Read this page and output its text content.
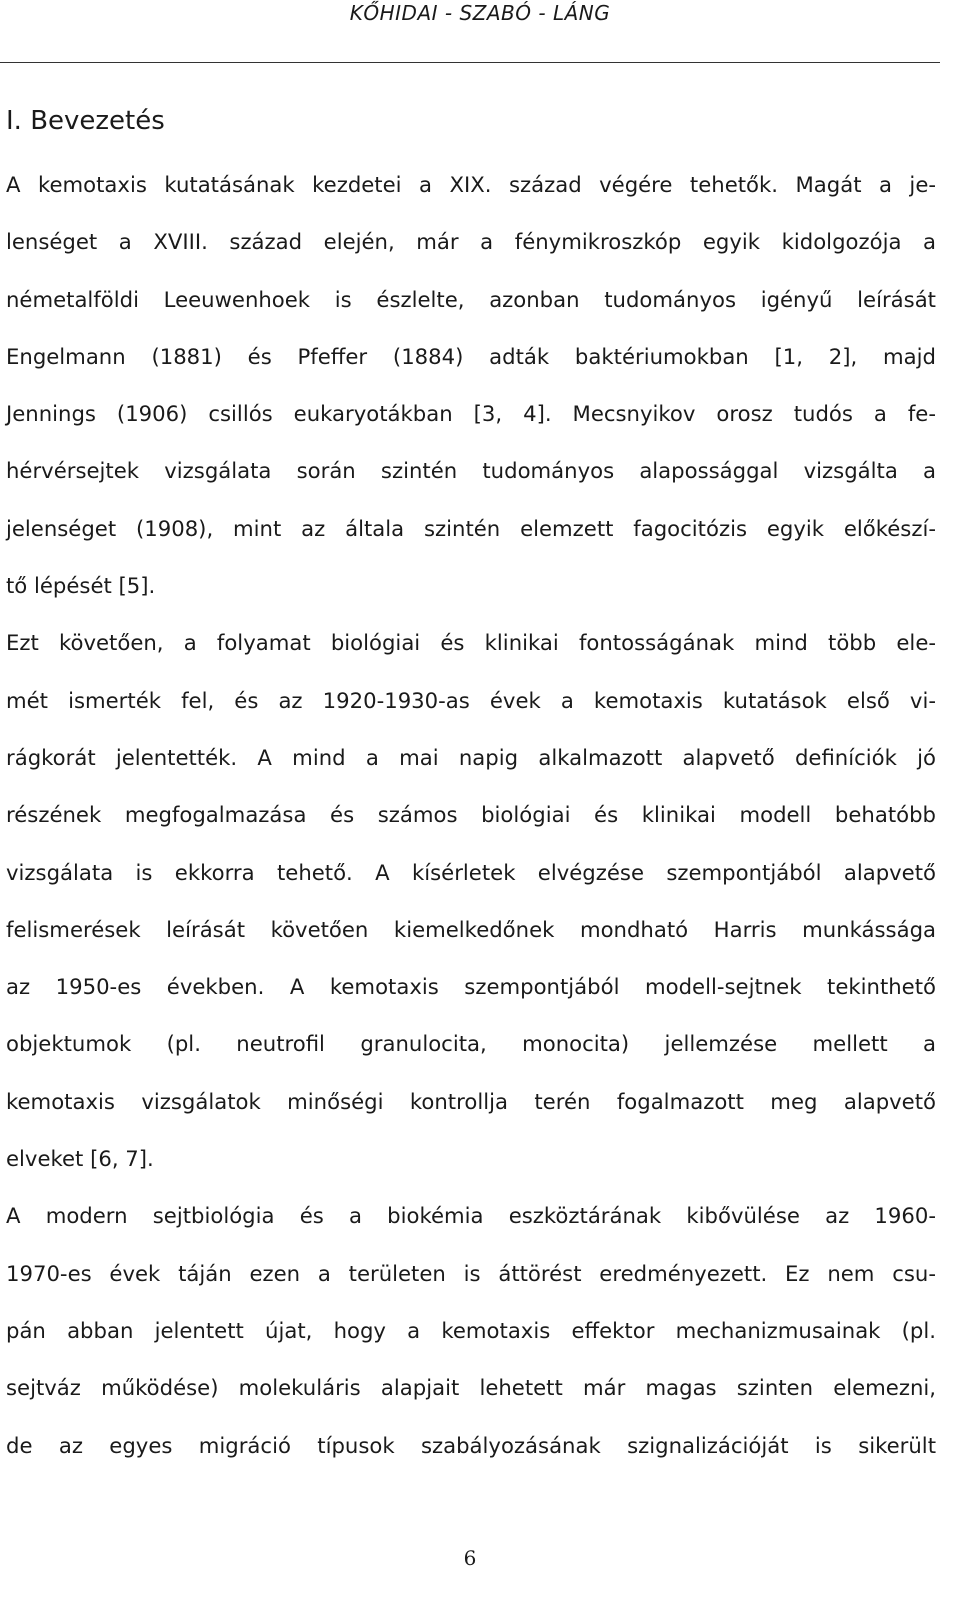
KŐHIDAI - SZABÓ - LÁNG
I. Bevezetés

A kemotaxis kutatásának kezdetei a XIX. század végére tehetők. Magát a je-
lenséget a XVIII. század elején, már a fénymikroszkóp egyik kidolgozója a
németalföldi Leeuwenhoek is észlelte, azonban tudományos igényű leírását
Engelmann (1881) és Pfeffer (1884) adták baktériumokban [1, 2], majd
Jennings (1906) csillós eukaryotákban [3, 4]. Mecsnyikov orosz tudós a fe-
hérvérsejtek vizsgálata során szintén tudományos alapossággal vizsgálta a
jelenséget (1908), mint az általa szintén elemzett fagocitózis egyik előkészí-
tő lépését [5].

Ezt követően, a folyamat biológiai és klinikai fontosságának mind több ele-
mét ismerték fel, és az 1920-1930-as évek a kemotaxis kutatások első vi-
rágkorát jelentették. A mind a mai napig alkalmazott alapvető definíciók jó
részének megfogalmazása és számos biológiai és klinikai modell behatóbb
vizsgálata is ekkorra tehető. A kísérletek elvégzése szempontjából alapvető
felismerések leírását követően kiemelkedőnek mondható Harris munkássága
az 1950-es években. A kemotaxis szempontjából modell-sejtnek tekinthető
objektumok (pl. neutrofil granulocita, monocita) jellemzése mellett a
kemotaxis vizsgálatok minőségi kontrollja terén fogalmazott meg alapvető
elveket [6, 7].

A modern sejtbiológia és a biokémia eszköztárának kibővülése az 1960-
1970-es évek táján ezen a területen is áttörést eredményezett. Ez nem csu-
pán abban jelentett újat, hogy a kemotaxis effektor mechanizmusainak (pl.
sejtváz működése) molekuláris alapjait lehetett már magas szinten elemezni,
de az egyes migráció típusok szabályozásának szignalizációját is sikerült

6
